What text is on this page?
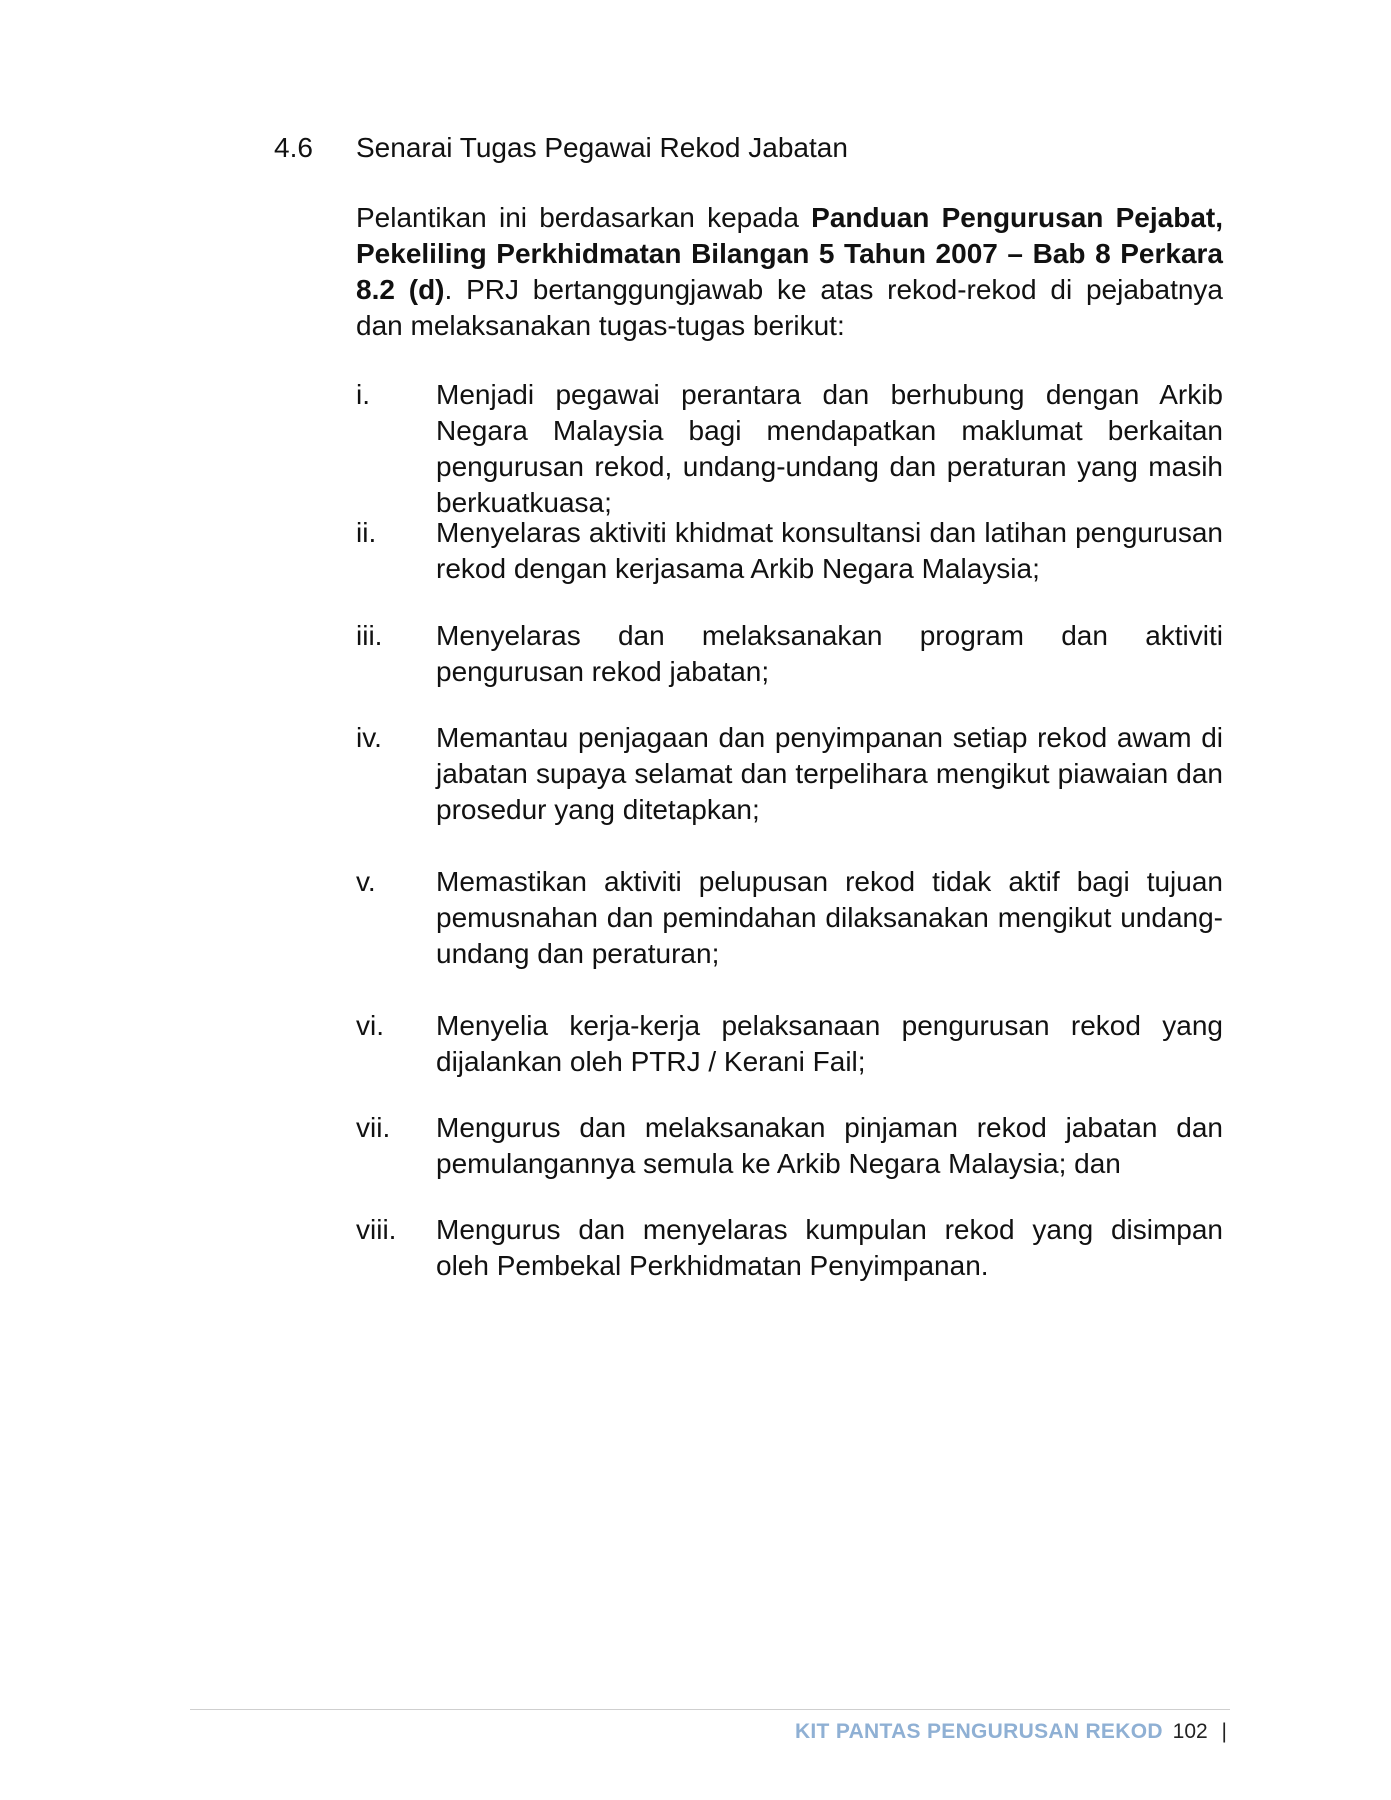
4.6 Senarai Tugas Pegawai Rekod Jabatan

Pelantikan ini berdasarkan kepada Panduan Pengurusan Pejabat, Pekeliling Perkhidmatan Bilangan 5 Tahun 2007 – Bab 8 Perkara 8.2 (d). PRJ bertanggungjawab ke atas rekod-rekod di pejabatnya dan melaksanakan tugas-tugas berikut:

i. Menjadi pegawai perantara dan berhubung dengan Arkib Negara Malaysia bagi mendapatkan maklumat berkaitan pengurusan rekod, undang-undang dan peraturan yang masih berkuatkuasa;
ii. Menyelaras aktiviti khidmat konsultansi dan latihan pengurusan rekod dengan kerjasama Arkib Negara Malaysia;
iii. Menyelaras dan melaksanakan program dan aktiviti pengurusan rekod jabatan;
iv. Memantau penjagaan dan penyimpanan setiap rekod awam di jabatan supaya selamat dan terpelihara mengikut piawaian dan prosedur yang ditetapkan;
v. Memastikan aktiviti pelupusan rekod tidak aktif bagi tujuan pemusnahan dan pemindahan dilaksanakan mengikut undang-undang dan peraturan;
vi. Menyelia kerja-kerja pelaksanaan pengurusan rekod yang dijalankan oleh PTRJ / Kerani Fail;
vii. Mengurus dan melaksanakan pinjaman rekod jabatan dan pemulangannya semula ke Arkib Negara Malaysia; dan
viii. Mengurus dan menyelaras kumpulan rekod yang disimpan oleh Pembekal Perkhidmatan Penyimpanan.
KIT PANTAS PENGURUSAN REKOD 102 |
